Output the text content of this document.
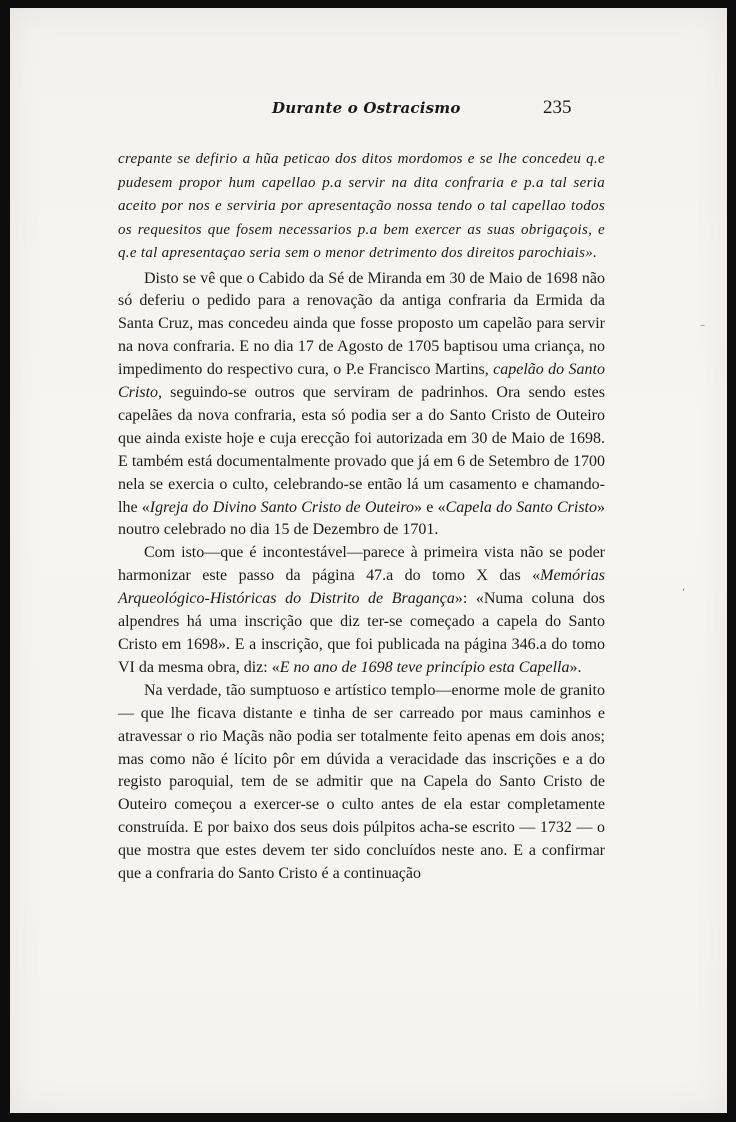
Durante o Ostracismo	235

crepante se defirio a hũa peticao dos ditos mordomos e se lhe concedeu q.e pudesem propor hum capellao p.a servir na dita confraria e p.a tal seria aceito por nos e serviria por apresentação nossa tendo o tal capellao todos os requesitos que fosem necessarios p.a bem exercer as suas obrigaçois, e q.e tal apresentaçao seria sem o menor detrimento dos direitos parochiais».

Disto se vê que o Cabido da Sé de Miranda em 30 de Maio de 1698 não só deferiu o pedido para a renovação da antiga confraria da Ermida da Santa Cruz, mas concedeu ainda que fosse proposto um capelão para servir na nova confraria. E no dia 17 de Agosto de 1705 baptisou uma criança, no impedimento do respectivo cura, o P.e Francisco Martins, capelão do Santo Cristo, seguindo-se outros que serviram de padrinhos. Ora sendo estes capelães da nova confraria, esta só podia ser a do Santo Cristo de Outeiro que ainda existe hoje e cuja erecção foi autorizada em 30 de Maio de 1698. E também está documentalmente provado que já em 6 de Setembro de 1700 nela se exercia o culto, celebrando-se então lá um casamento e chamando-lhe «Igreja do Divino Santo Cristo de Outeiro» e «Capela do Santo Cristo» noutro celebrado no dia 15 de Dezembro de 1701.

Com isto—que é incontestável—parece à primeira vista não se poder harmonizar este passo da página 47.a do tomo X das «Memórias Arqueológico-Históricas do Distrito de Bragança»: «Numa coluna dos alpendres há uma inscrição que diz ter-se começado a capela do Santo Cristo em 1698». E a inscrição, que foi publicada na página 346.a do tomo VI da mesma obra, diz: «E no ano de 1698 teve princípio esta Capella».

Na verdade, tão sumptuoso e artístico templo—enorme mole de granito — que lhe ficava distante e tinha de ser carreado por maus caminhos e atravessar o rio Maçãs não podia ser totalmente feito apenas em dois anos; mas como não é lícito pôr em dúvida a veracidade das inscrições e a do registo paroquial, tem de se admitir que na Capela do Santo Cristo de Outeiro começou a exercer-se o culto antes de ela estar completamente construída. E por baixo dos seus dois púlpitos acha-se escrito — 1732 — o que mostra que estes devem ter sido concluídos neste ano. E a confirmar que a confraria do Santo Cristo é a continuação

–
,
